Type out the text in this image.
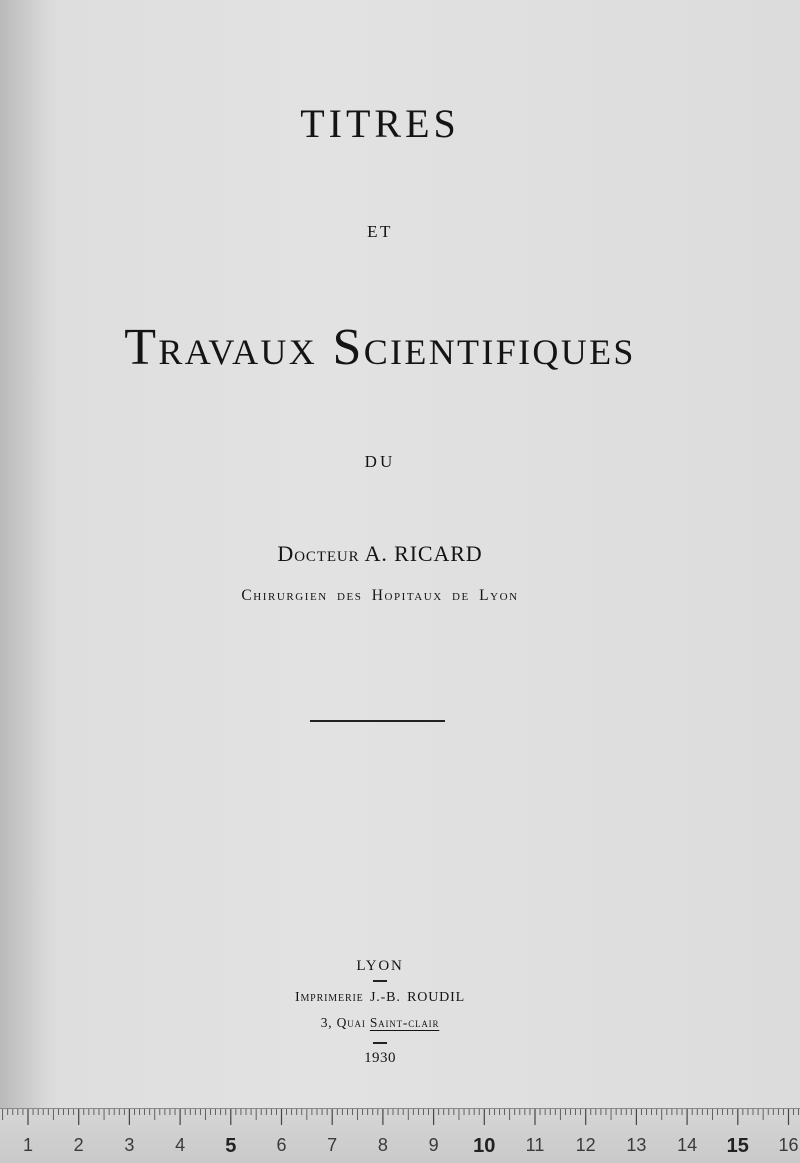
TITRES
ET
Travaux Scientifiques
DU
Docteur A. RICARD
Chirurgien des Hopitaux de Lyon
LYON
Imprimerie J.-B. ROUDIL
3, Quai Saint-clair
1930
1 2 3 4 5 6 7 8 9 10 11 12 13 14 15 16
